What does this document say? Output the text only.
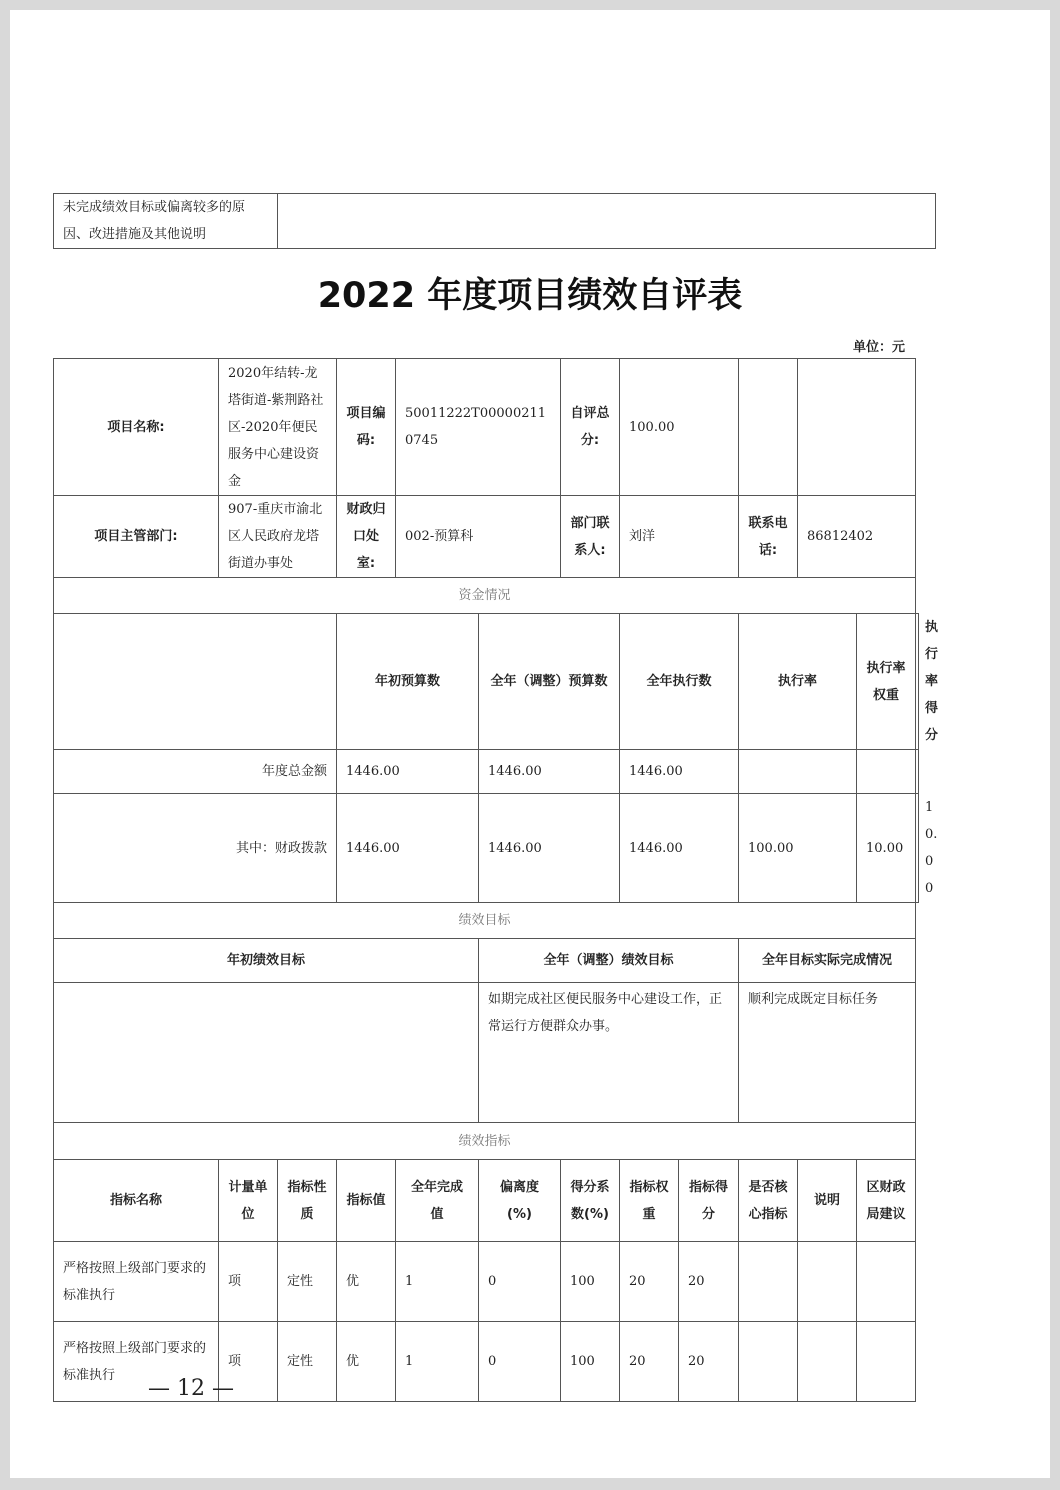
未完成绩效目标或偏离较多的原因、改进措施及其他说明	
2022 年度项目绩效自评表
单位：元
项目名称:	2020年结转-龙塔街道-紫荆路社区-2020年便民服务中心建设资金		项目编码:	50011222T000002110745		自评总分:	100.00					
项目主管部门:	907-重庆市渝北区人民政府龙塔街道办事处		财政归口处室:	002-预算科		部门联系人:	刘洋		联系电话:	86812402		
资金情况												
			年初预算数		全年（调整）预算数		全年执行数		执行率		执行率权重	执行率得分
年度总金额			1446.00		1446.00		1446.00					
其中：财政拨款			1446.00		1446.00		1446.00		100.00		10.00	10.00
绩效目标												
年初绩效目标					全年（调整）绩效目标				全年目标实际完成情况			
					如期完成社区便民服务中心建设工作，正常运行方便群众办事。				顺利完成既定目标任务			
绩效指标												
指标名称	计量单位	指标性质	指标值	全年完成值	偏离度(%)	得分系数(%)	指标权重	指标得分	是否核心指标	说明	区财政局建议	
严格按照上级部门要求的标准执行	项	定性	优	1	0	100	20	20				
严格按照上级部门要求的标准执行	项	定性	优	1	0	100	20	20				
— 12 —
